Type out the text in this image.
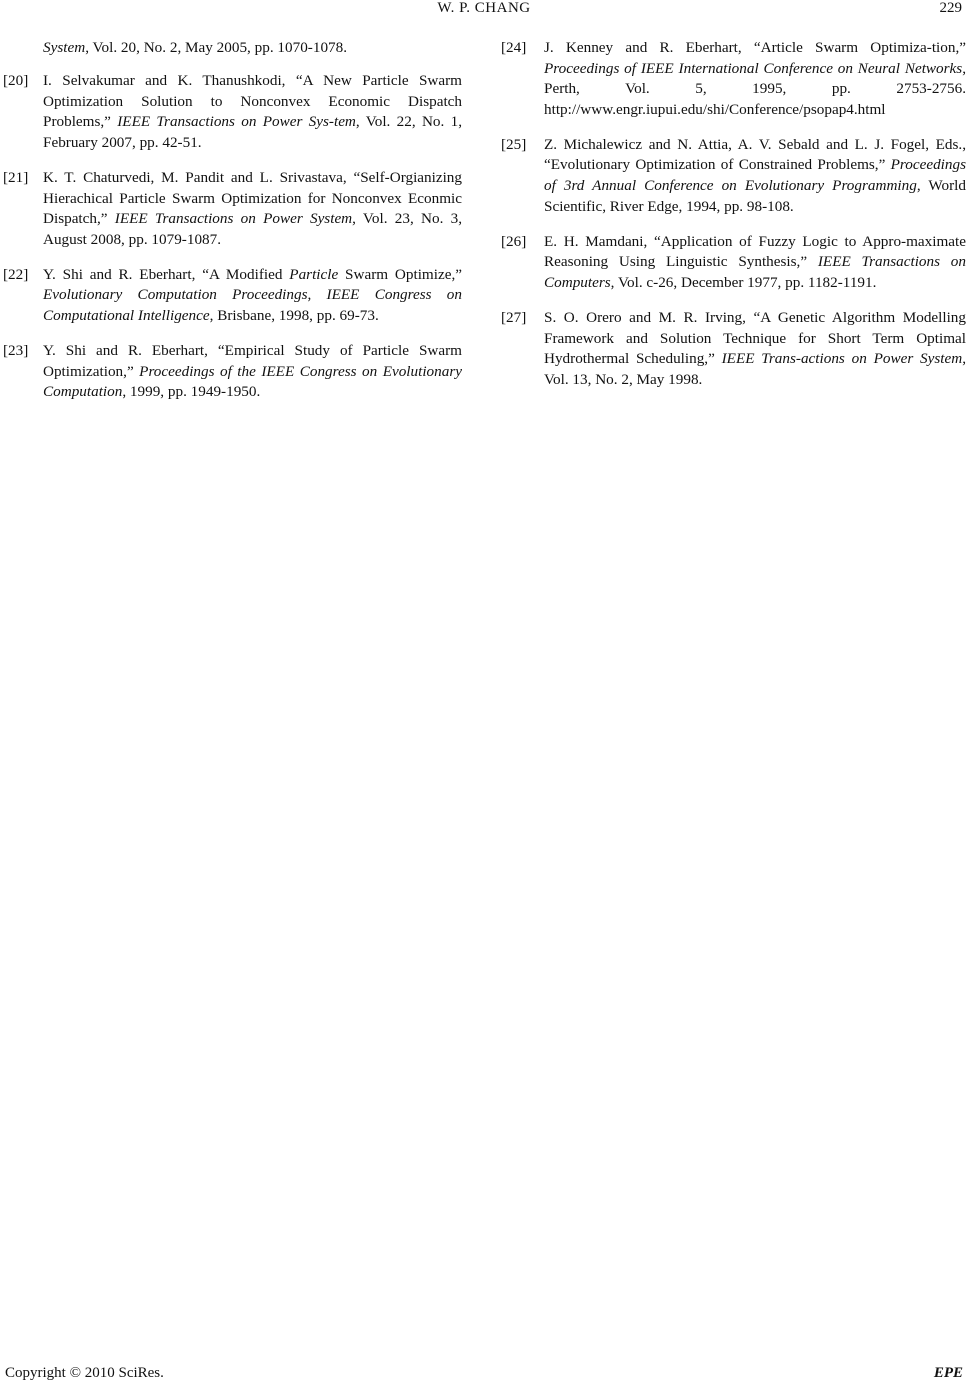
W. P. CHANG	229
System, Vol. 20, No. 2, May 2005, pp. 1070-1078.
[20] I. Selvakumar and K. Thanushkodi, “A New Particle Swarm Optimization Solution to Nonconvex Economic Dispatch Problems,” IEEE Transactions on Power Sys-tem, Vol. 22, No. 1, February 2007, pp. 42-51.
[21] K. T. Chaturvedi, M. Pandit and L. Srivastava, “Self-Orgianizing Hierachical Particle Swarm Optimization for Nonconvex Econmic Dispatch,” IEEE Transactions on Power System, Vol. 23, No. 3, August 2008, pp. 1079-1087.
[22] Y. Shi and R. Eberhart, “A Modified Particle Swarm Optimize,” Evolutionary Computation Proceedings, IEEE Congress on Computational Intelligence, Brisbane, 1998, pp. 69-73.
[23] Y. Shi and R. Eberhart, “Empirical Study of Particle Swarm Optimization,” Proceedings of the IEEE Congress on Evolutionary Computation, 1999, pp. 1949-1950.
[24] J. Kenney and R. Eberhart, “Article Swarm Optimiza-tion,” Proceedings of IEEE International Conference on Neural Networks, Perth, Vol. 5, 1995, pp. 2753-2756. http://www.engr.iupui.edu/shi/Conference/psopap4.html
[25] Z. Michalewicz and N. Attia, A. V. Sebald and L. J. Fogel, Eds., “Evolutionary Optimization of Constrained Problems,” Proceedings of 3rd Annual Conference on Evolutionary Programming, World Scientific, River Edge, 1994, pp. 98-108.
[26] E. H. Mamdani, “Application of Fuzzy Logic to Appro-maximate Reasoning Using Linguistic Synthesis,” IEEE Transactions on Computers, Vol. c-26, December 1977, pp. 1182-1191.
[27] S. O. Orero and M. R. Irving, “A Genetic Algorithm Modelling Framework and Solution Technique for Short Term Optimal Hydrothermal Scheduling,” IEEE Trans-actions on Power System, Vol. 13, No. 2, May 1998.
Copyright © 2010 SciRes.	EPE
